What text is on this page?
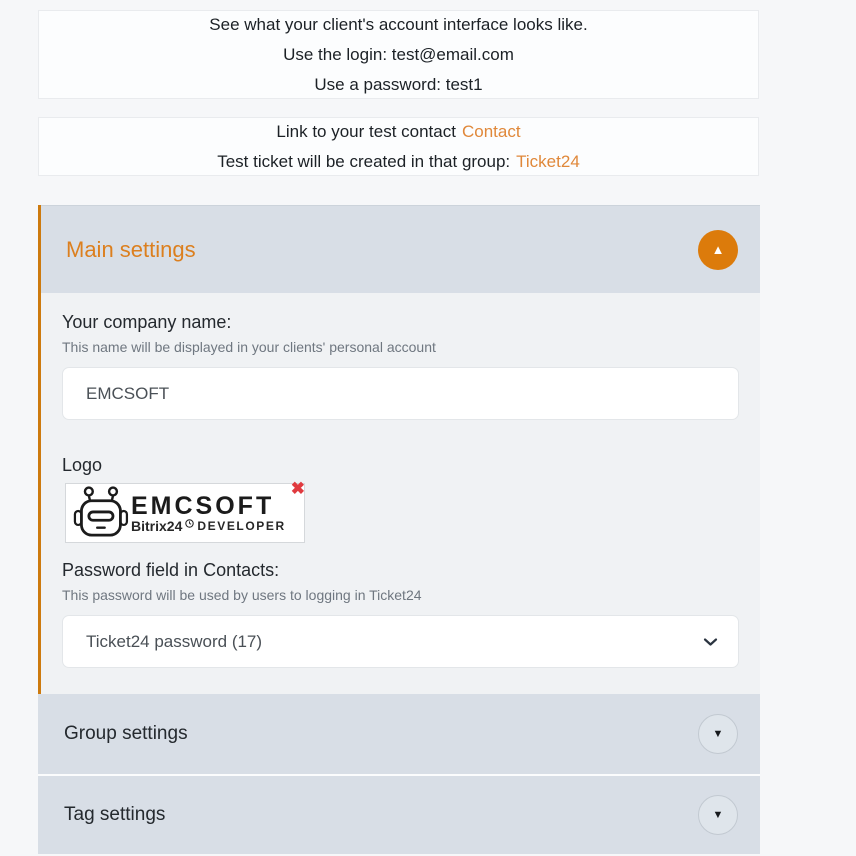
See what your client's account interface looks like.
Use the login: test@email.com
Use a password: test1
Link to your test contact Contact
Test ticket will be created in that group: Ticket24
Main settings	▲
Your company name:
This name will be displayed in your clients' personal account
EMCSOFT
Logo
EMCSOFT
Bitrix24 DEVELOPER
✖
Password field in Contacts:
This password will be used by users to logging in Ticket24
Ticket24 password (17)
Group settings	▼
Tag settings	▼
